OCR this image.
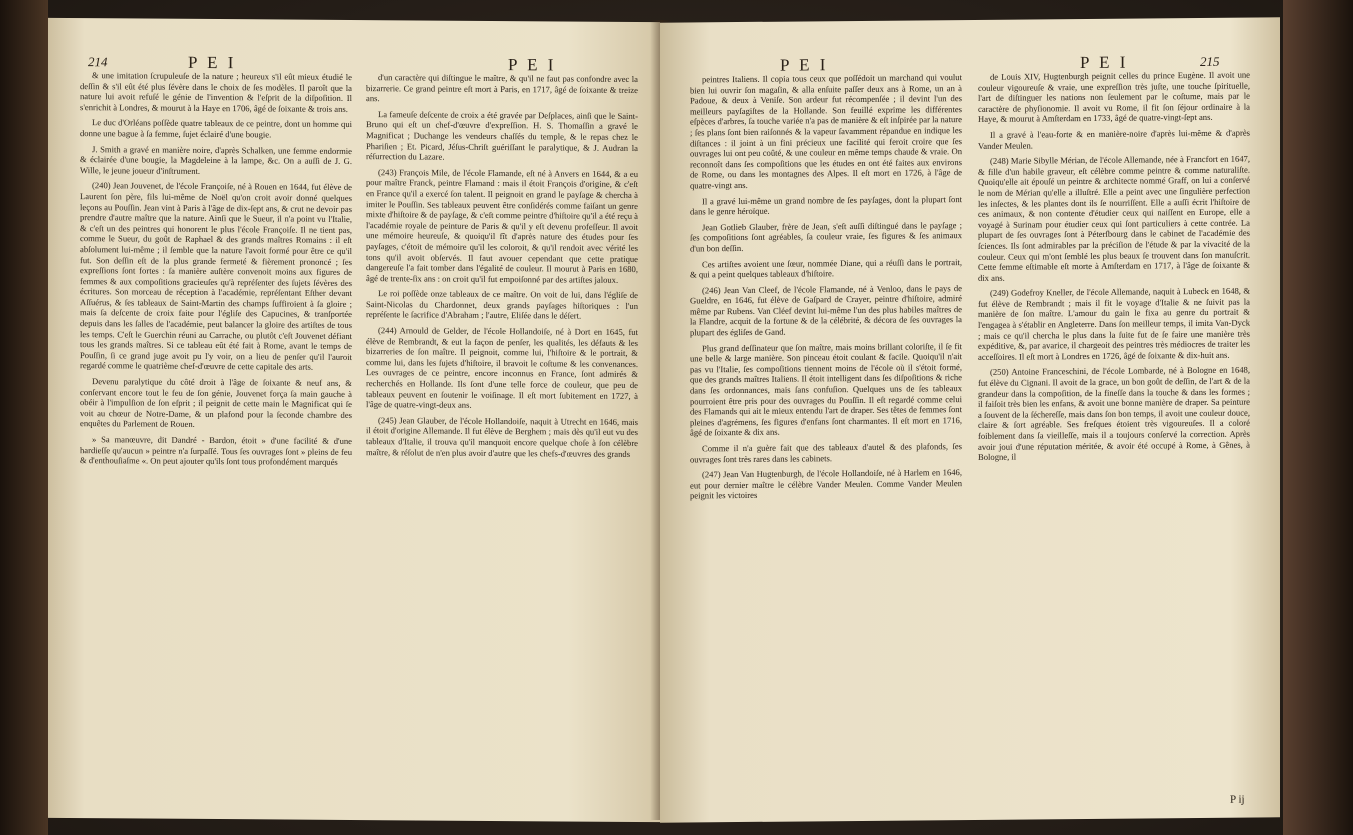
214	P E I	P E I

& une imitation ſcrupuleuſe de la nature ; heureux s'il eût mieux étudié le deſſin & s'il eût été plus ſévère dans le choix de ſes modèles. Il paroît que la nature lui avoit refuſé le génie de l'invention & l'eſprit de la diſpoſition. Il s'enrichit à Londres, & mourut à la Haye en 1706, âgé de ſoixante & trois ans.

Le duc d'Orléans poſſède quatre tableaux de ce peintre, dont un homme qui donne une bague à ſa femme, ſujet éclairé d'une bougie.

J. Smith a gravé en manière noire, d'après Schalken, une femme endormie & éclairée d'une bougie, la Magdeleine à la lampe, &c. On a auſſi de J. G. Wille, le jeune joueur d'inſtrument.

(240) Jean Jouvenet, de l'école Françoiſe, né à Rouen en 1644, fut élève de Laurent ſon père, fils lui-même de Noël qu'on croit avoir donné quelques leçons au Pouſſin. Jean vint à Paris à l'âge de dix-ſept ans, & crut ne devoir pas prendre d'autre maître que la nature. Ainſi que le Sueur, il n'a point vu l'Italie, & c'eſt un des peintres qui honorent le plus l'école Françoiſe. Il ne tient pas, comme le Sueur, du goût de Raphael & des grands maîtres Romains : il eſt abſolument lui-même ; il ſemble que la nature l'avoit formé pour être ce qu'il fut. Son deſſin eſt de la plus grande fermeté & fièrement prononcé ; ſes expreſſions ſont fortes : ſa manière auſtère convenoit moins aux figures de femmes & aux compoſitions gracieuſes qu'à repréſenter des ſujets ſévères des écritures. Son morceau de réception à l'académie, repréſentant Eſther devant Aſſuérus, & ſes tableaux de Saint-Martin des champs ſuffiroient à ſa gloire ; mais ſa deſcente de croix faite pour l'égliſe des Capucines, & tranſportée depuis dans les ſalles de l'académie, peut balancer la gloire des artiſtes de tous les temps. C'eſt le Guerchin réuni au Carrache, ou plutôt c'eſt Jouvenet défiant tous les grands maîtres. Si ce tableau eût été fait à Rome, avant le temps de Pouſſin, ſi ce grand juge avoit pu l'y voir, on a lieu de penſer qu'il l'auroit regardé comme le quatrième chef-d'œuvre de cette capitale des arts.

Devenu paralytique du côté droit à l'âge de ſoixante & neuf ans, & conſervant encore tout le feu de ſon génie, Jouvenet força ſa main gauche à obéir à l'impulſion de ſon eſprit ; il peignit de cette main le Magnificat qui ſe voit au chœur de Notre-Dame, & un plafond pour la ſeconde chambre des enquêtes du Parlement de Rouen.

» Sa manœuvre, dit Dandré - Bardon, étoit » d'une facilité & d'une hardieſſe qu'aucun » peintre n'a ſurpaſſé. Tous ſes ouvrages ſont » pleins de feu & d'enthouſiaſme «. On peut ajouter qu'ils ſont tous profondément marqués

d'un caractère qui diſtingue le maître, & qu'il ne faut pas confondre avec la bizarrerie. Ce grand peintre eſt mort à Paris, en 1717, âgé de ſoixante & treize ans.

La fameuſe deſcente de croix a été gravée par Deſplaces, ainſi que le Saint-Bruno qui eſt un chef-d'œuvre d'expreſſion. H. S. Thomaſſin a gravé le Magnificat ; Duchange les vendeurs chaſſés du temple, & le repas chez le Phariſien ; Et. Picard, Jéſus-Chriſt guériſſant le paralytique, & J. Audran la réſurrection du Lazare.

(243) François Mile, de l'école Flamande, eſt né à Anvers en 1644, & a eu pour maître Franck, peintre Flamand : mais il étoit François d'origine, & c'eſt en France qu'il a exercé ſon talent. Il peignoit en grand le payſage & chercha à imiter le Pouſſin. Ses tableaux peuvent être conſidérés comme faiſant un genre mixte d'hiſtoire & de payſage, & c'eſt comme peintre d'hiſtoire qu'il a été reçu à l'académie royale de peinture de Paris & qu'il y eſt devenu profeſſeur. Il avoit une mémoire heureuſe, & quoiqu'il fît d'après nature des études pour ſes payſages, c'étoit de mémoire qu'il les coloroit, & qu'il rendoit avec vérité les tons qu'il avoit obſervés. Il faut avouer cependant que cette pratique dangereuſe l'a fait tomber dans l'égalité de couleur. Il mourut à Paris en 1680, âgé de trente-ſix ans : on croit qu'il fut empoiſonné par des artiſtes jaloux.

Le roi poſſède onze tableaux de ce maître. On voit de lui, dans l'égliſe de Saint-Nicolas du Chardonnet, deux grands payſages hiſtoriques : l'un repréſente le ſacrifice d'Abraham ; l'autre, Eliſée dans le déſert.

(244) Arnould de Gelder, de l'école Hollandoiſe, né à Dort en 1645, fut élève de Rembrandt, & eut la façon de penſer, les qualités, les défauts & les bizarreries de ſon maître. Il peignoit, comme lui, l'hiſtoire & le portrait, & comme lui, dans les ſujets d'hiſtoire, il bravoit le coſtume & les convenances. Les ouvrages de ce peintre, encore inconnus en France, ſont admirés & recherchés en Hollande. Ils ſont d'une telle force de couleur, que peu de tableaux peuvent en ſoutenir le voiſinage. Il eſt mort ſubitement en 1727, à l'âge de quatre-vingt-deux ans.

(245) Jean Glauber, de l'école Hollandoiſe, naquit à Utrecht en 1646, mais il étoit d'origine Allemande. Il fut élève de Berghem ; mais dès qu'il eut vu des tableaux d'Italie, il trouva qu'il manquoit encore quelque choſe à ſon célèbre maître, & réſolut de n'en plus avoir d'autre que les chefs-d'œuvres des grands

P E I	P E I	215

peintres Italiens. Il copia tous ceux que poſſédoit un marchand qui voulut bien lui ouvrir ſon magaſin, & alla enſuite paſſer deux ans à Rome, un an à Padoue, & deux à Veniſe. Son ardeur fut récompenſée ; il devint l'un des meilleurs payſagiſtes de la Hollande. Son feuillé exprime les différentes eſpèces d'arbres, ſa touche variée n'a pas de manière & eſt inſpirée par la nature ; ſes plans ſont bien raiſonnés & la vapeur ſavamment répandue en indique les diſtances : il joint à un fini précieux une facilité qui feroit croire que ſes ouvrages lui ont peu coûté, & une couleur en même temps chaude & vraie. On reconnoît dans ſes compoſitions que les études en ont été faites aux environs de Rome, ou dans les montagnes des Alpes. Il eſt mort en 1726, à l'âge de quatre-vingt ans.

Il a gravé lui-même un grand nombre de ſes payſages, dont la plupart ſont dans le genre héroïque.

Jean Gotlieb Glauber, frère de Jean, s'eſt auſſi diſtingué dans le payſage ; ſes compoſitions ſont agréables, ſa couleur vraie, ſes figures & ſes animaux d'un bon deſſin.

Ces artiſtes avoient une ſœur, nommée Diane, qui a réuſſi dans le portrait, & qui a peint quelques tableaux d'hiſtoire.

(246) Jean Van Cleef, de l'école Flamande, né à Venloo, dans le pays de Gueldre, en 1646, fut élève de Gaſpard de Crayer, peintre d'hiſtoire, admiré même par Rubens. Van Cléef devint lui-même l'un des plus habiles maîtres de la Flandre, acquit de la fortune & de la célébrité, & décora de ſes ouvrages la plupart des égliſes de Gand.

Plus grand deſſinateur que ſon maître, mais moins brillant coloriſte, il ſe fit une belle & large manière. Son pinceau étoit coulant & facile. Quoiqu'il n'ait pas vu l'Italie, ſes compoſitions tiennent moins de l'école où il s'étoit formé, que des grands maîtres Italiens. Il étoit intelligent dans ſes diſpoſitions & riche dans ſes ordonnances, mais ſans confuſion. Quelques uns de ſes tableaux pourroient être pris pour des ouvrages du Pouſſin. Il eſt regardé comme celui des Flamands qui ait le mieux entendu l'art de draper. Ses têtes de femmes ſont pleines d'agrémens, ſes figures d'enfans ſont charmantes. Il eſt mort en 1716, âgé de ſoixante & dix ans.

Comme il n'a guère fait que des tableaux d'autel & des plafonds, ſes ouvrages ſont très rares dans les cabinets.

(247) Jean Van Hugtenburgh, de l'école Hollandoiſe, né à Harlem en 1646, eut pour dernier maître le célèbre Vander Meulen. Comme Vander Meulen peignit les victoires

de Louis XIV, Hugtenburgh peignit celles du prince Eugène. Il avoit une couleur vigoureuſe & vraie, une expreſſion très juſte, une touche ſpirituelle, l'art de diſtinguer les nations non ſeulement par le coſtume, mais par le caractère de phyſionomie. Il avoit vu Rome, il fit ſon ſéjour ordinaire à la Haye, & mourut à Amſterdam en 1733, âgé de quatre-vingt-ſept ans.

Il a gravé à l'eau-forte & en manière-noire d'après lui-même & d'après Vander Meulen.

(248) Marie Sibylle Mérian, de l'école Allemande, née à Francfort en 1647, & fille d'un habile graveur, eſt célèbre comme peintre & comme naturaliſte. Quoiqu'elle ait épouſé un peintre & architecte nommé Graff, on lui a conſervé le nom de Mérian qu'elle a illuſtré. Elle a peint avec une ſingulière perfection les inſectes, & les plantes dont ils ſe nourriſſent. Elle a auſſi écrit l'hiſtoire de ces animaux, & non contente d'étudier ceux qui naiſſent en Europe, elle a voyagé à Surinam pour étudier ceux qui ſont particuliers à cette contrée. La plupart de ſes ouvrages ſont à Péterſbourg dans le cabinet de l'académie des ſciences. Ils ſont admirables par la préciſion de l'étude & par la vivacité de la couleur. Ceux qui m'ont ſemblé les plus beaux ſe trouvent dans ſon manuſcrit. Cette femme eſtimable eſt morte à Amſterdam en 1717, à l'âge de ſoixante & dix ans.

(249) Godefroy Kneller, de l'école Allemande, naquit à Lubeck en 1648, & fut élève de Rembrandt ; mais il fit le voyage d'Italie & ne ſuivit pas la manière de ſon maître. L'amour du gain le fixa au genre du portrait & l'engagea à s'établir en Angleterre. Dans ſon meilleur temps, il imita Van-Dyck ; mais ce qu'il chercha le plus dans la ſuite fut de ſe faire une manière très expéditive, &, par avarice, il chargeoit des peintres très médiocres de traiter les acceſſoires. Il eſt mort à Londres en 1726, âgé de ſoixante & dix-huit ans.

(250) Antoine Franceschini, de l'école Lombarde, né à Bologne en 1648, fut élève du Cignani. Il avoit de la grace, un bon goût de deſſin, de l'art & de la grandeur dans la compoſition, de la fineſſe dans la touche & dans les formes ; il faiſoit très bien les enfans, & avoit une bonne manière de draper. Sa peinture a ſouvent de la ſéchereſſe, mais dans ſon bon temps, il avoit une couleur douce, claire & ſort agréable. Ses freſques étoient très vigoureuſes. Il a coloré foiblement dans ſa vieilleſſe, mais il a toujours conſervé la correction. Après avoir joui d'une réputation méritée, & avoir été occupé à Rome, à Gênes, à Bologne, il

P ij
